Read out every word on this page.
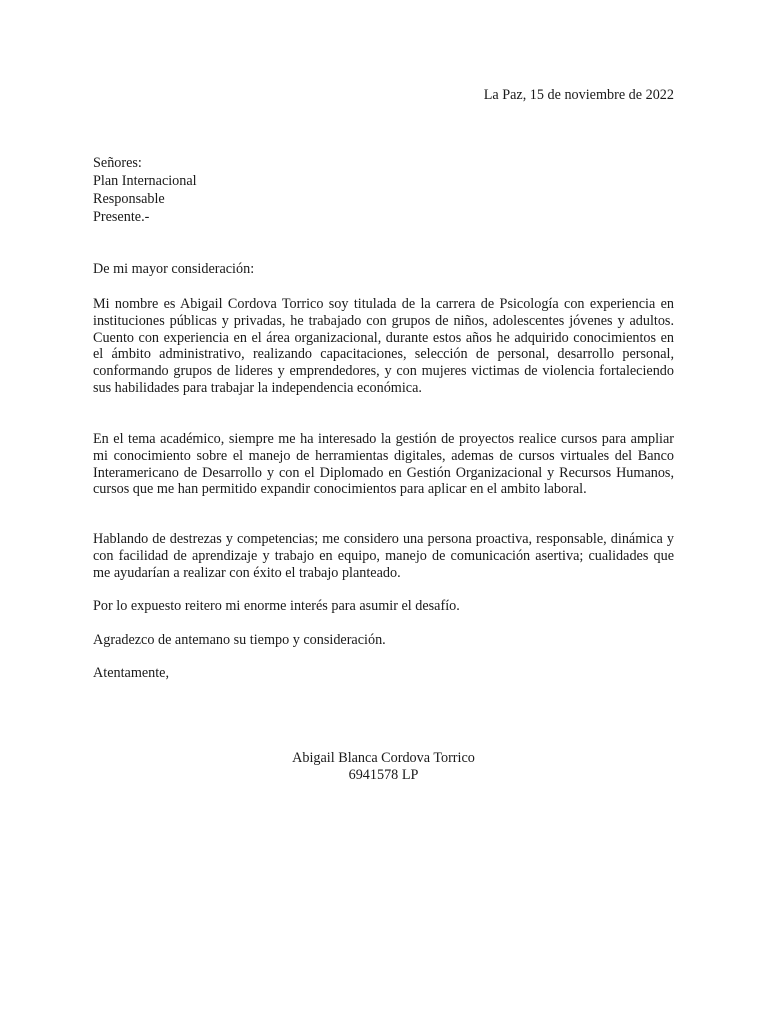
La Paz, 15 de noviembre de 2022
Señores:
Plan Internacional
Responsable
Presente.-
De mi mayor consideración:
Mi nombre es Abigail Cordova Torrico soy titulada de la carrera de Psicología con experiencia en instituciones públicas y privadas, he trabajado con grupos de niños, adolescentes jóvenes y adultos. Cuento con experiencia en el área organizacional, durante estos años he adquirido conocimientos en el ámbito administrativo, realizando capacitaciones, selección de personal, desarrollo personal, conformando grupos de lideres y emprendedores, y con mujeres victimas de violencia fortaleciendo sus habilidades para trabajar la independencia económica.
En el tema académico, siempre me ha interesado la gestión de proyectos realice cursos para ampliar mi conocimiento sobre el manejo de herramientas digitales, ademas de cursos virtuales del Banco Interamericano de Desarrollo y con el Diplomado en Gestión Organizacional y Recursos Humanos, cursos que me han permitido expandir conocimientos para aplicar en el ambito laboral.
Hablando de destrezas y competencias; me considero una persona proactiva, responsable, dinámica y con facilidad de aprendizaje y trabajo en equipo, manejo de comunicación asertiva; cualidades que me ayudarían a realizar con éxito el trabajo planteado.
Por lo expuesto reitero mi enorme interés para asumir el desafío.
Agradezco de antemano su tiempo y consideración.
Atentamente,
Abigail Blanca Cordova Torrico
6941578 LP
